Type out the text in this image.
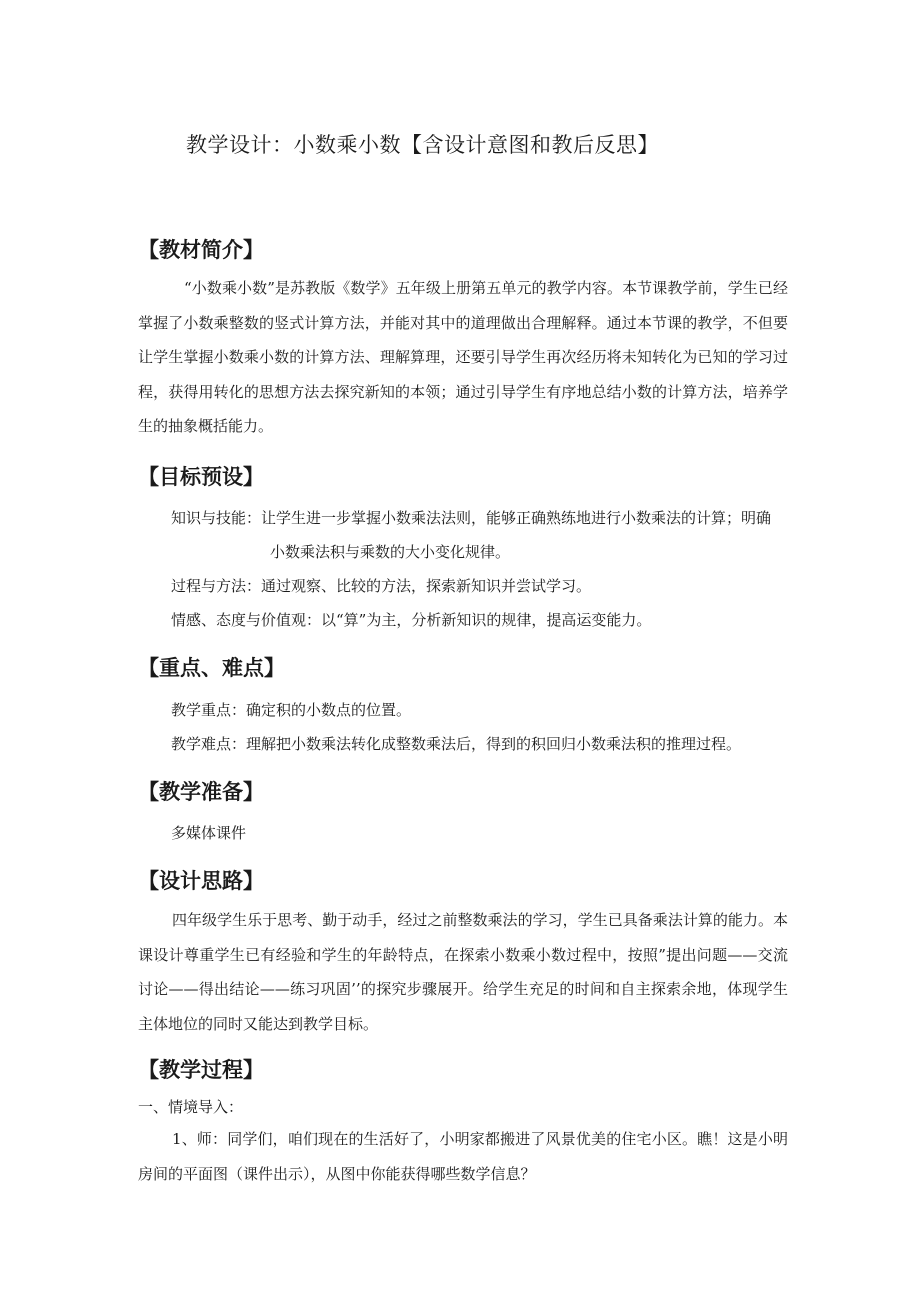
教学设计：小数乘小数【含设计意图和教后反思】
【教材简介】

“小数乘小数”是苏教版《数学》五年级上册第五单元的教学内容。本节课教学前，学生已经掌握了小数乘整数的竖式计算方法，并能对其中的道理做出合理解释。通过本节课的教学，不但要让学生掌握小数乘小数的计算方法、理解算理，还要引导学生再次经历将未知转化为已知的学习过程，获得用转化的思想方法去探究新知的本领；通过引导学生有序地总结小数的计算方法，培养学生的抽象概括能力。

【目标预设】

知识与技能：让学生进一步掌握小数乘法法则，能够正确熟练地进行小数乘法的计算；明确

小数乘法积与乘数的大小变化规律。

过程与方法：通过观察、比较的方法，探索新知识并尝试学习。

情感、态度与价值观：以“算”为主，分析新知识的规律，提高运变能力。

【重点、难点】

教学重点：确定积的小数点的位置。

教学难点：理解把小数乘法转化成整数乘法后，得到的积回归小数乘法积的推理过程。

【教学准备】

多媒体课件

【设计思路】

四年级学生乐于思考、勤于动手，经过之前整数乘法的学习，学生已具备乘法计算的能力。本课设计尊重学生已有经验和学生的年龄特点，在探索小数乘小数过程中，按照”提出问题——交流讨论——得出结论——练习巩固’’的探究步骤展开。给学生充足的时间和自主探索余地，体现学生主体地位的同时又能达到教学目标。

【教学过程】

一、情境导入：

1、师：同学们，咱们现在的生活好了，小明家都搬进了风景优美的住宅小区。瞧！这是小明房间的平面图（课件出示），从图中你能获得哪些数学信息？
